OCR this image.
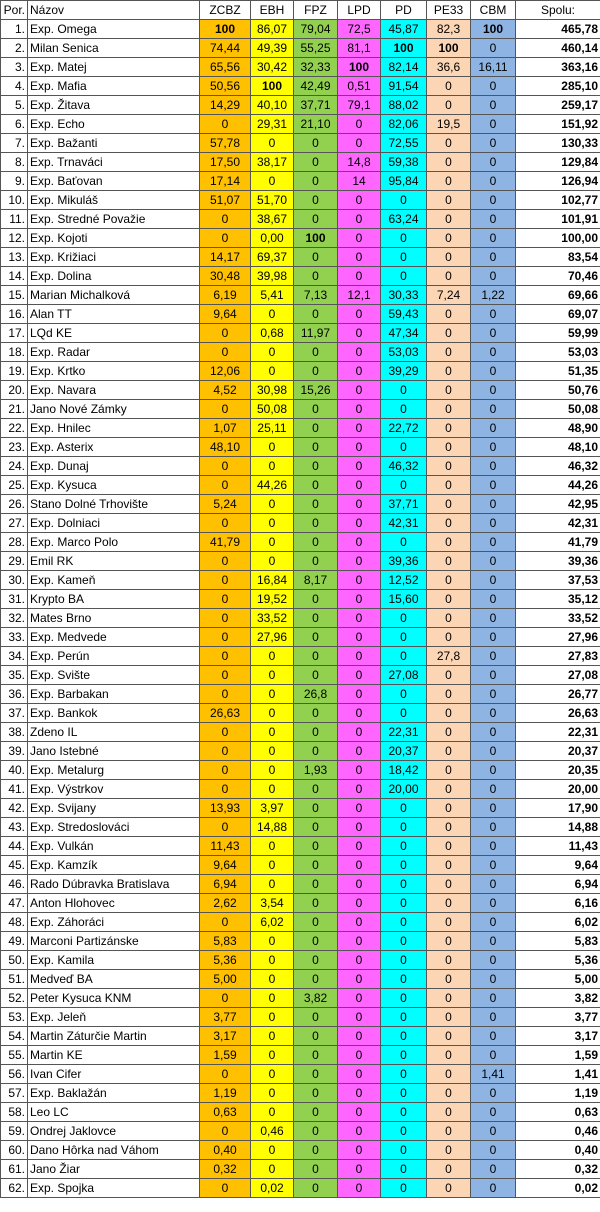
Por.	Názov	ZCBZ	EBH	FPZ	LPD	PD	PE33	CBM	Spolu:
1.	Exp. Omega	100	86,07	79,04	72,5	45,87	82,3	100	465,78
2.	Milan Senica	74,44	49,39	55,25	81,1	100	100	0	460,14
3.	Exp. Matej	65,56	30,42	32,33	100	82,14	36,6	16,11	363,16
4.	Exp. Mafia	50,56	100	42,49	0,51	91,54	0	0	285,10
5.	Exp. Žitava	14,29	40,10	37,71	79,1	88,02	0	0	259,17
6.	Exp. Echo	0	29,31	21,10	0	82,06	19,5	0	151,92
7.	Exp. Bažanti	57,78	0	0	0	72,55	0	0	130,33
8.	Exp. Trnaváci	17,50	38,17	0	14,8	59,38	0	0	129,84
9.	Exp. Baťovan	17,14	0	0	14	95,84	0	0	126,94
10.	Exp. Mikuláš	51,07	51,70	0	0	0	0	0	102,77
11.	Exp. Stredné Považie	0	38,67	0	0	63,24	0	0	101,91
12.	Exp. Kojoti	0	0,00	100	0	0	0	0	100,00
13.	Exp. Križiaci	14,17	69,37	0	0	0	0	0	83,54
14.	Exp. Dolina	30,48	39,98	0	0	0	0	0	70,46
15.	Marian Michalková	6,19	5,41	7,13	12,1	30,33	7,24	1,22	69,66
16.	Alan TT	9,64	0	0	0	59,43	0	0	69,07
17.	LQd KE	0	0,68	11,97	0	47,34	0	0	59,99
18.	Exp. Radar	0	0	0	0	53,03	0	0	53,03
19.	Exp. Krtko	12,06	0	0	0	39,29	0	0	51,35
20.	Exp. Navara	4,52	30,98	15,26	0	0	0	0	50,76
21.	Jano Nové Zámky	0	50,08	0	0	0	0	0	50,08
22.	Exp. Hnilec	1,07	25,11	0	0	22,72	0	0	48,90
23.	Exp. Asterix	48,10	0	0	0	0	0	0	48,10
24.	Exp. Dunaj	0	0	0	0	46,32	0	0	46,32
25.	Exp. Kysuca	0	44,26	0	0	0	0	0	44,26
26.	Stano Dolné Trhovište	5,24	0	0	0	37,71	0	0	42,95
27.	Exp. Dolniaci	0	0	0	0	42,31	0	0	42,31
28.	Exp. Marco Polo	41,79	0	0	0	0	0	0	41,79
29.	Emil RK	0	0	0	0	39,36	0	0	39,36
30.	Exp. Kameň	0	16,84	8,17	0	12,52	0	0	37,53
31.	Krypto BA	0	19,52	0	0	15,60	0	0	35,12
32.	Mates Brno	0	33,52	0	0	0	0	0	33,52
33.	Exp. Medvede	0	27,96	0	0	0	0	0	27,96
34.	Exp. Perún	0	0	0	0	0	27,8	0	27,83
35.	Exp. Svište	0	0	0	0	27,08	0	0	27,08
36.	Exp. Barbakan	0	0	26,8	0	0	0	0	26,77
37.	Exp. Bankok	26,63	0	0	0	0	0	0	26,63
38.	Zdeno IL	0	0	0	0	22,31	0	0	22,31
39.	Jano Istebné	0	0	0	0	20,37	0	0	20,37
40.	Exp. Metalurg	0	0	1,93	0	18,42	0	0	20,35
41.	Exp. Výstrkov	0	0	0	0	20,00	0	0	20,00
42.	Exp. Svijany	13,93	3,97	0	0	0	0	0	17,90
43.	Exp. Stredoslováci	0	14,88	0	0	0	0	0	14,88
44.	Exp. Vulkán	11,43	0	0	0	0	0	0	11,43
45.	Exp. Kamzík	9,64	0	0	0	0	0	0	9,64
46.	Rado Dúbravka Bratislava	6,94	0	0	0	0	0	0	6,94
47.	Anton Hlohovec	2,62	3,54	0	0	0	0	0	6,16
48.	Exp. Záhoráci	0	6,02	0	0	0	0	0	6,02
49.	Marconi Partizánske	5,83	0	0	0	0	0	0	5,83
50.	Exp. Kamila	5,36	0	0	0	0	0	0	5,36
51.	Medveď BA	5,00	0	0	0	0	0	0	5,00
52.	Peter Kysuca KNM	0	0	3,82	0	0	0	0	3,82
53.	Exp. Jeleň	3,77	0	0	0	0	0	0	3,77
54.	Martin Záturčie Martin	3,17	0	0	0	0	0	0	3,17
55.	Martin KE	1,59	0	0	0	0	0	0	1,59
56.	Ivan Cifer	0	0	0	0	0	0	1,41	1,41
57.	Exp. Baklažán	1,19	0	0	0	0	0	0	1,19
58.	Leo LC	0,63	0	0	0	0	0	0	0,63
59.	Ondrej Jaklovce	0	0,46	0	0	0	0	0	0,46
60.	Dano Hôrka nad Váhom	0,40	0	0	0	0	0	0	0,40
61.	Jano Žiar	0,32	0	0	0	0	0	0	0,32
62.	Exp. Spojka	0	0,02	0	0	0	0	0	0,02
